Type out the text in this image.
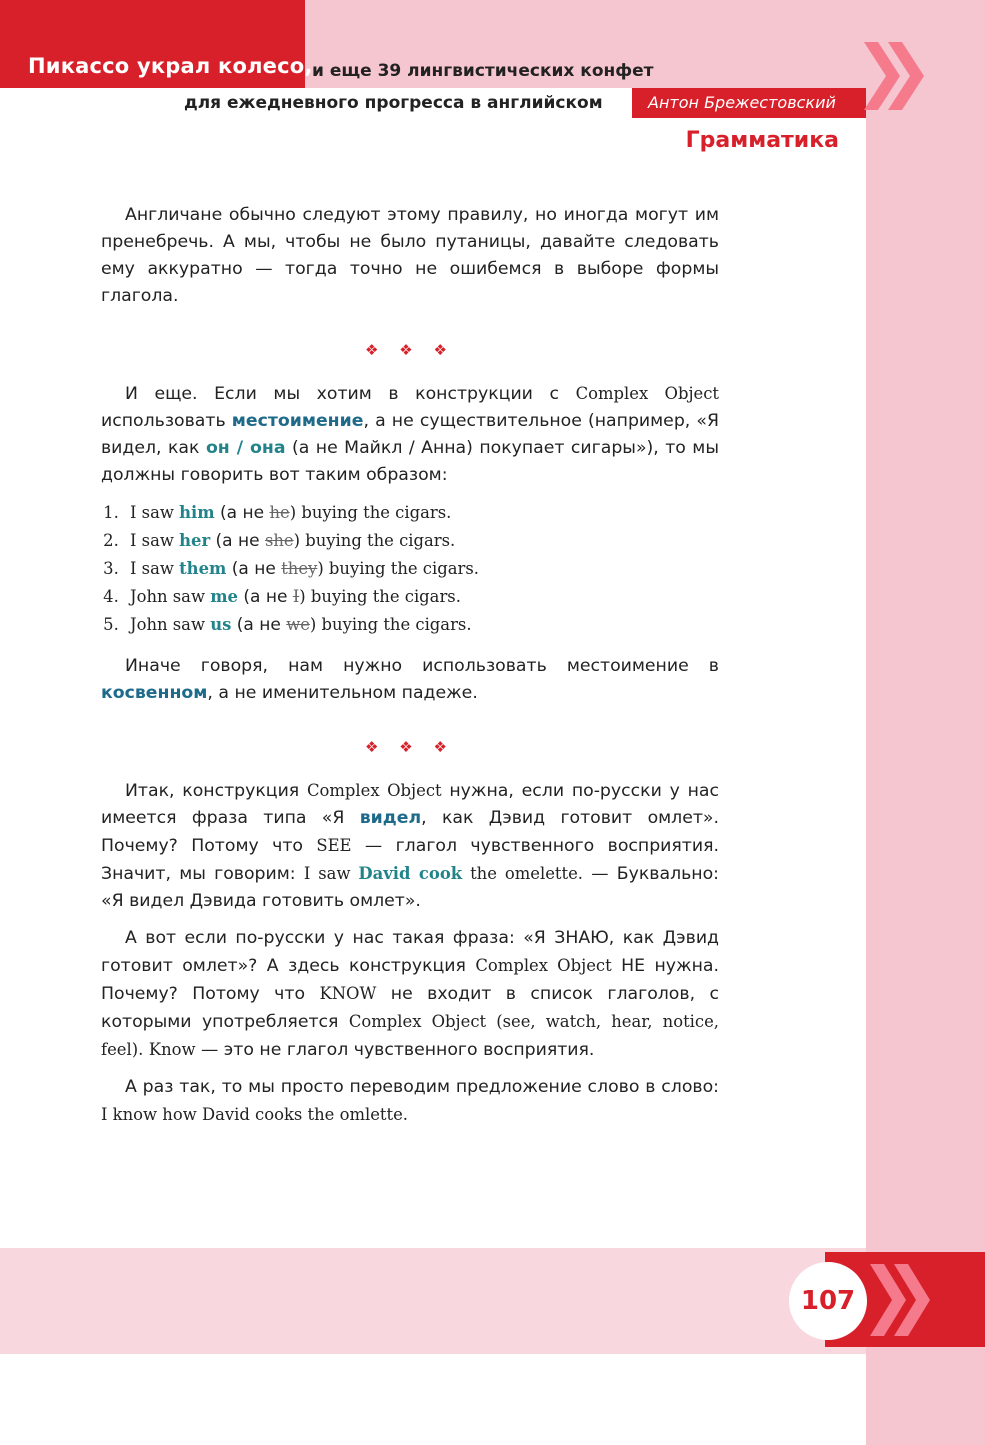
Пикассо украл колесо, и еще 39 лингвистических конфет
для ежедневного прогресса в английском	Антон Брежестовский
Грамматика

Англичане обычно следуют этому правилу, но иногда могут им пренебречь. А мы, чтобы не было путаницы, давайте следовать ему аккуратно — тогда точно не ошибемся в выборе формы глагола.

❖ ❖ ❖

И еще. Если мы хотим в конструкции с Complex Object использовать местоимение, а не существительное (например, «Я видел, как он / она (а не Майкл / Анна) покупает сигары»), то мы должны говорить вот таким образом:

1. I saw him (а не he) buying the cigars.
2. I saw her (а не she) buying the cigars.
3. I saw them (а не they) buying the cigars.
4. John saw me (а не I) buying the cigars.
5. John saw us (а не we) buying the cigars.

Иначе говоря, нам нужно использовать местоимение в косвенном, а не именительном падеже.

❖ ❖ ❖

Итак, конструкция Complex Object нужна, если по-русски у нас имеется фраза типа «Я видел, как Дэвид готовит омлет». Почему? Потому что SEE — глагол чувственного восприятия. Значит, мы говорим: I saw David cook the omelette. — Буквально: «Я видел Дэвида готовить омлет».

А вот если по-русски у нас такая фраза: «Я ЗНАЮ, как Дэвид готовит омлет»? А здесь конструкция Complex Object НЕ нужна. Почему? Потому что KNOW не входит в список глаголов, с которыми употребляется Complex Object (see, watch, hear, notice, feel). Know — это не глагол чувственного восприятия.

А раз так, то мы просто переводим предложение слово в слово: I know how David cooks the omlette.

107
